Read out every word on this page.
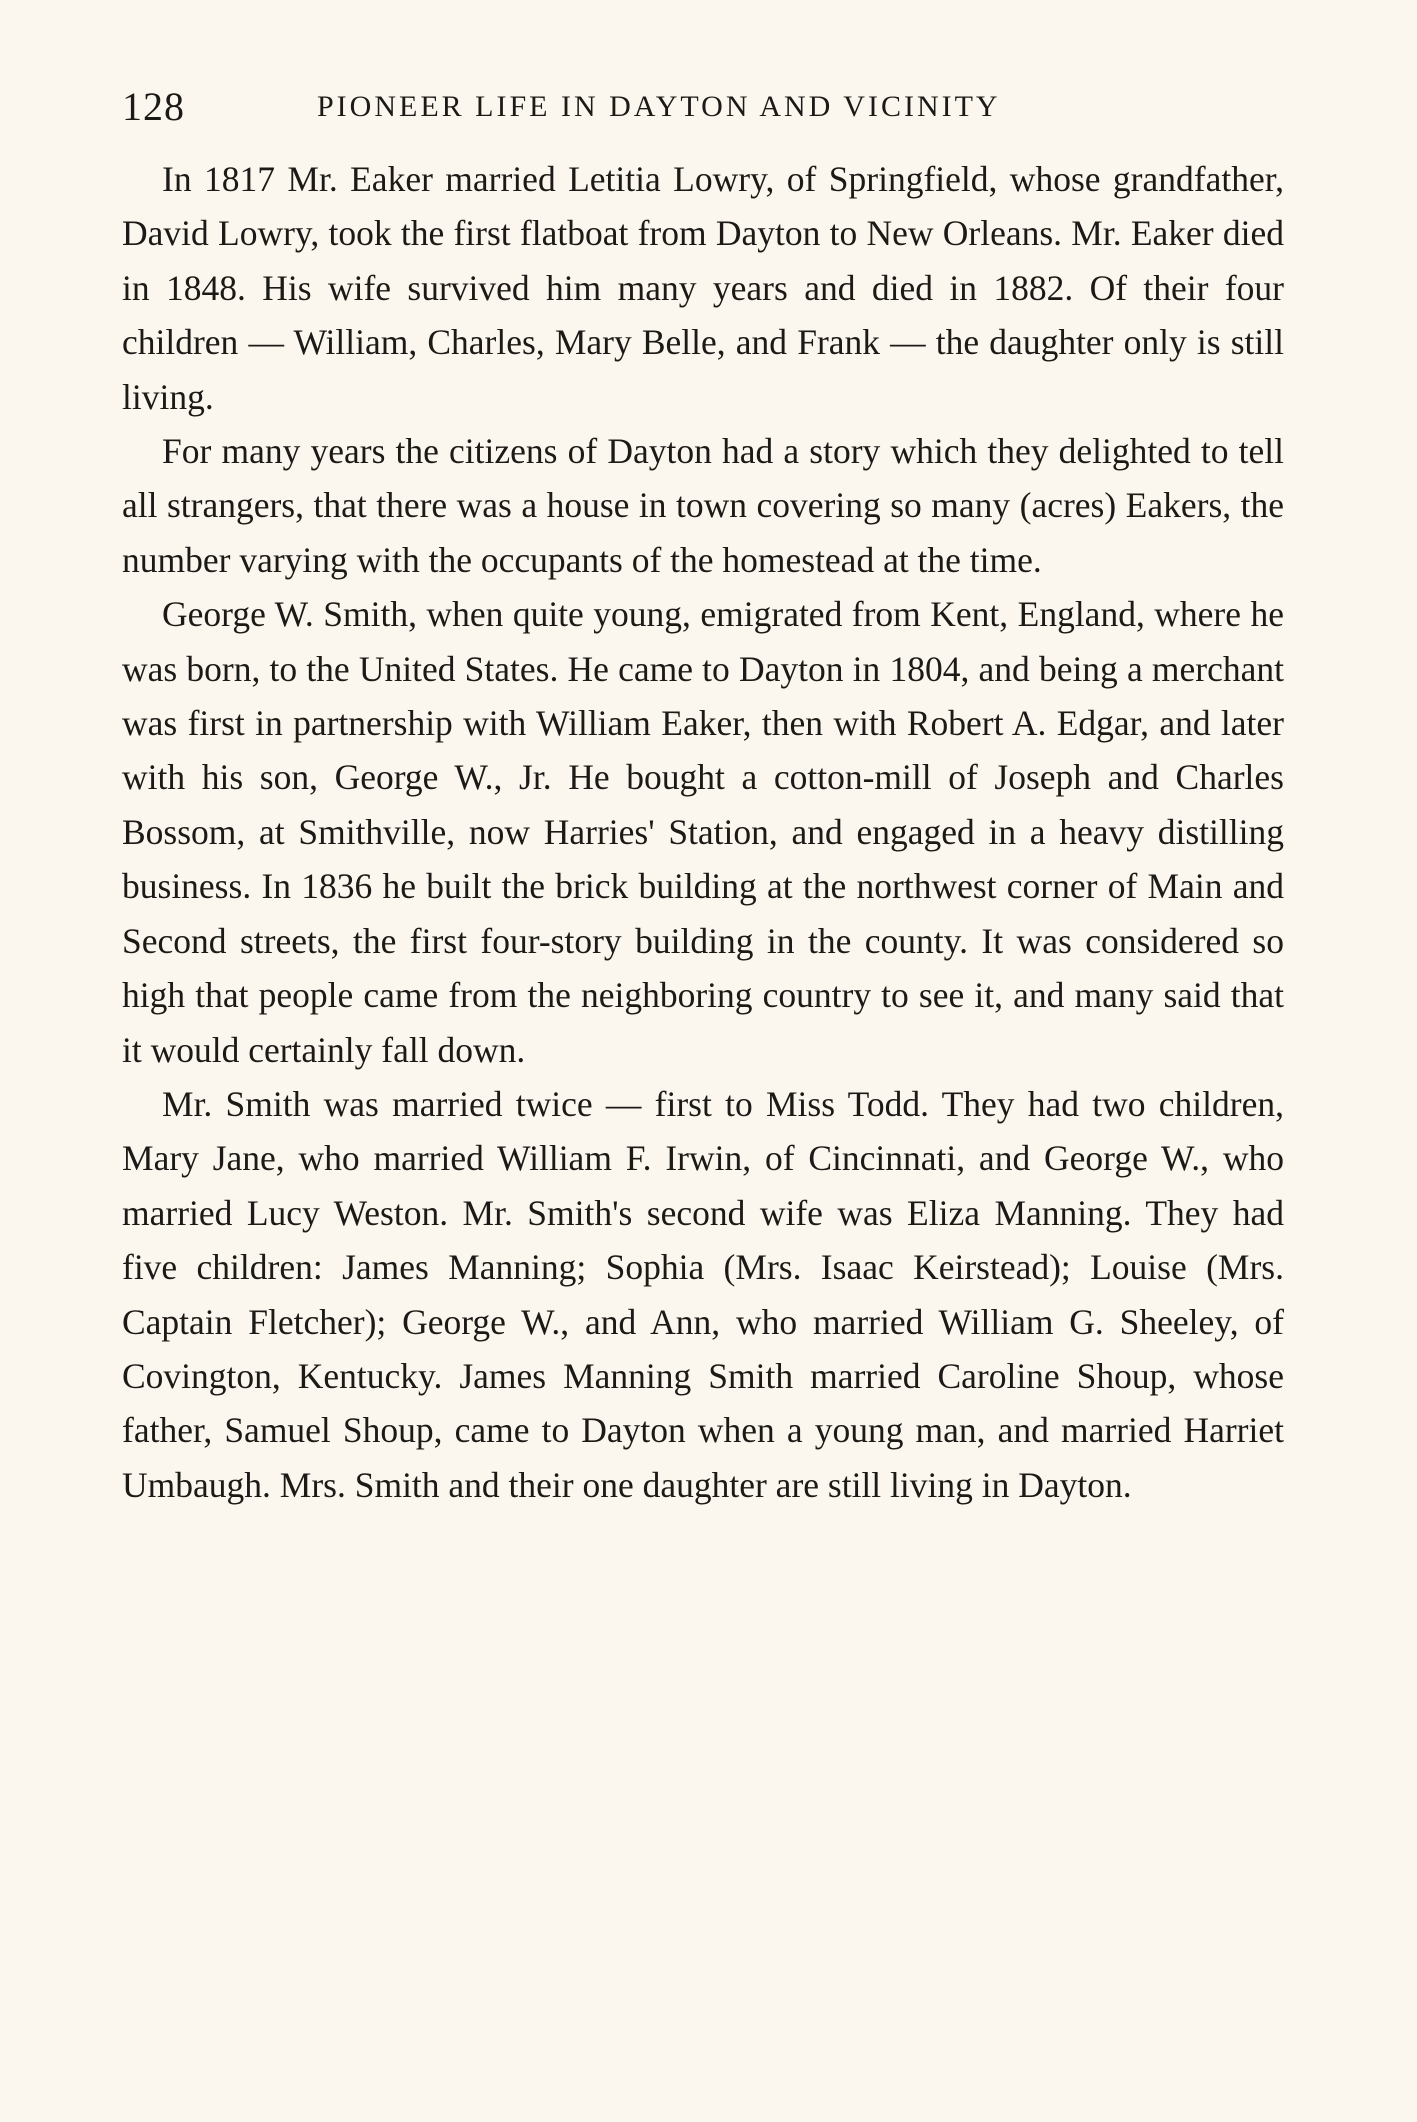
128	PIONEER LIFE IN DAYTON AND VICINITY

In 1817 Mr. Eaker married Letitia Lowry, of Springfield, whose grandfather, David Lowry, took the first flatboat from Dayton to New Orleans. Mr. Eaker died in 1848. His wife survived him many years and died in 1882. Of their four children — William, Charles, Mary Belle, and Frank — the daughter only is still living.

For many years the citizens of Dayton had a story which they delighted to tell all strangers, that there was a house in town covering so many (acres) Eakers, the number varying with the occupants of the homestead at the time.

George W. Smith, when quite young, emigrated from Kent, England, where he was born, to the United States. He came to Dayton in 1804, and being a merchant was first in partnership with William Eaker, then with Robert A. Edgar, and later with his son, George W., Jr. He bought a cotton-mill of Joseph and Charles Bossom, at Smithville, now Harries' Station, and engaged in a heavy distilling business. In 1836 he built the brick building at the northwest corner of Main and Second streets, the first four-story building in the county. It was considered so high that people came from the neighboring country to see it, and many said that it would certainly fall down.

Mr. Smith was married twice — first to Miss Todd. They had two children, Mary Jane, who married William F. Irwin, of Cincinnati, and George W., who married Lucy Weston. Mr. Smith's second wife was Eliza Manning. They had five children: James Manning; Sophia (Mrs. Isaac Keirstead); Louise (Mrs. Captain Fletcher); George W., and Ann, who married William G. Sheeley, of Covington, Kentucky. James Manning Smith married Caroline Shoup, whose father, Samuel Shoup, came to Dayton when a young man, and married Harriet Umbaugh. Mrs. Smith and their one daughter are still living in Dayton.
